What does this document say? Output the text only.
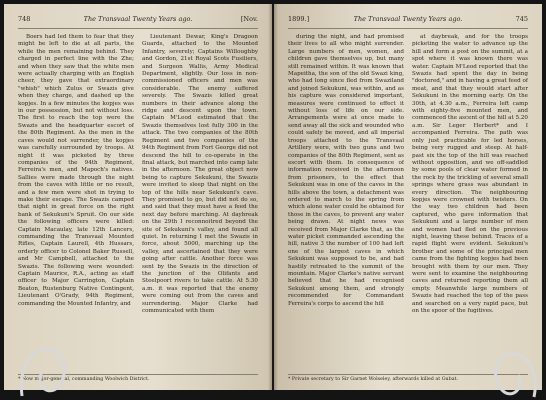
748	The Transvaal Twenty Years ago.	[Nov.

Boers had led them to fear that they might be left to die at all parts, the while the men remaining behind. They charged in perfect line with the Zhe; and when they saw that the white men were actually charging with an English cheer, they gave that extraordinary "whish" which Zulus or Swazis give when they charge, and dashed up the kopjes. In a few minutes the kopjes was in our possession, but not without loss. The first to reach the top were the Swazis and the headquarter escort of the 80th Regiment. As the men in the caves would not surrender, the kopjes was carefully surrounded by troops. At night it was picketed by three companies of the 94th Regiment, Ferreira's men, and Mapoch's natives. Sallies were made through the night from the caves with little or no result, and a few men were shot in trying to make their escape. The Swazis camped that night in great force on the right bank of Sekukuni's Spruit. On our side the following officers were killed: Captain Macaulay, late 12th Lancers, commanding the Transvaal Mounted Rifles, Captain Laurell, 4th Hussars, orderly officer to Colonel Baker Russell, and Mr Campbell, attached to the Swazis. The following were wounded: Captain Maurice, R.A., acting as staff officer to Major Carrington, Captain Beaton, Rustenburg Native Contingent, Lieutenant O'Grady, 94th Regiment, commanding the Mounted Infantry, and

Lieutenant Dewar, King's Dragoon Guards, attached to the Mounted Infantry, severely; Captains Willoughby and Gordon, 21st Royal Scots Fusiliers, and Surgeon Wallis, Army Medical Department, slightly. Our loss in non-commissioned officers and men was considerable. The enemy suffered severely. The Swazis killed great numbers in their advance along the ridge and descent upon the town. Captain M'Leod estimated that the Swazis themselves lost fully 300 in the attack. The two companies of the 80th Regiment and two companies of the 94th Regiment from Fort George did not descend the hill to co-operate in the final attack, but marched into camp late in the afternoon. The great object now being to capture Sekukuni, the Swazis were invited to sleep that night on the top of the hills near Sekukuni's cave. They promised to go, but did not do so, and said that they must have a feed the next day before marching. At daybreak on the 29th I reconnoitred beyond the site of Sekukuni's valley, and found all quiet. In returning I met the Swazis in force, about 5000, marching up the valley, and ascertained that they were going after cattle. Another force was sent by the Swazis in the direction of the junction of the Olifants and Steelpoort rivers to take cattle. At 5.30 a.m. it was reported that the enemy were coming out from the caves and surrendering. Major Clarke had communicated with them

* Now major-general, commanding Woolwich District.
1899.]	The Transvaal Twenty Years ago.	745

during the night, and had promised their lives to all who might surrender. Large numbers of men, women, and children gave themselves up, but many still remained within. It was known that Mapeitha, the son of the old Swazi king, who had long since fled from Swaziland and joined Sekukuni, was within, and as his capture was considered important, measures were continued to effect it without loss of life on our side. Arrangements were at once made to send away all the sick and wounded who could safely be moved, and all imperial troops attached to the Transvaal Artillery were, with two guns and two companies of the 80th Regiment, sent as escort with them. In consequence of information received in the afternoon from prisoners, to the effect that Sekukuni was in one of the caves in the hills above the town, a detachment was ordered to march to the spring from which alone water could be obtained for those in the caves, to prevent any water being drawn. At night news was received from Major Clarke that, as the water picket commanded ascending the hill, native 3 the number of 100 had left one of the largest caves in which Sekukuni was supposed to be, and had hastily retreated to the summit of the mountain. Major Clarke's native servant believed that he had recognised Sekukuni among them, and strongly recommended for Commandant Ferreira's corps to ascend the hill

at daybreak, and for the troops picketing the water to advance up the hill and form a post on the summit, at a spot where it was known there was water. Captain M'Leod reported that the Swazis had spent the day in being "doctored," and in having a great feed of meat, and that they would start after Sekukuni in the morning early. On the 30th, at 4.30 a.m., Ferreira left camp with eighty-five mounted men, and commenced the ascent of the hill at 5.20 a.m. Sir Leger Herbert* and I accompanied Ferreira. The path was only just practicable for led horses, being very rugged and steep. At half-past six the top of the hill was reached without opposition, and we off-saddled by some pools of clear water formed in the rock by the trickling of several small springs where grass was abundant in every direction. The neighbouring kopjes were crowned with twisters. On the way two children had been captured, who gave information that Sekukuni and a large number of men and women had fled on the previous night, leaving these behind. Traces of a rapid flight were evident. Sekukuni's brother and some of the principal men came from the fighting kopjes had been brought with them by our men. They were sent to examine the neighbouring caves and returned reporting them all empty. Meanwhile large numbers of Swazis had reached the top of the pass and searched on a very rapid pace, but on the spoor of the fugitives.

* Private secretary to Sir Garnet Wolseley, afterwards killed at Gubat.
